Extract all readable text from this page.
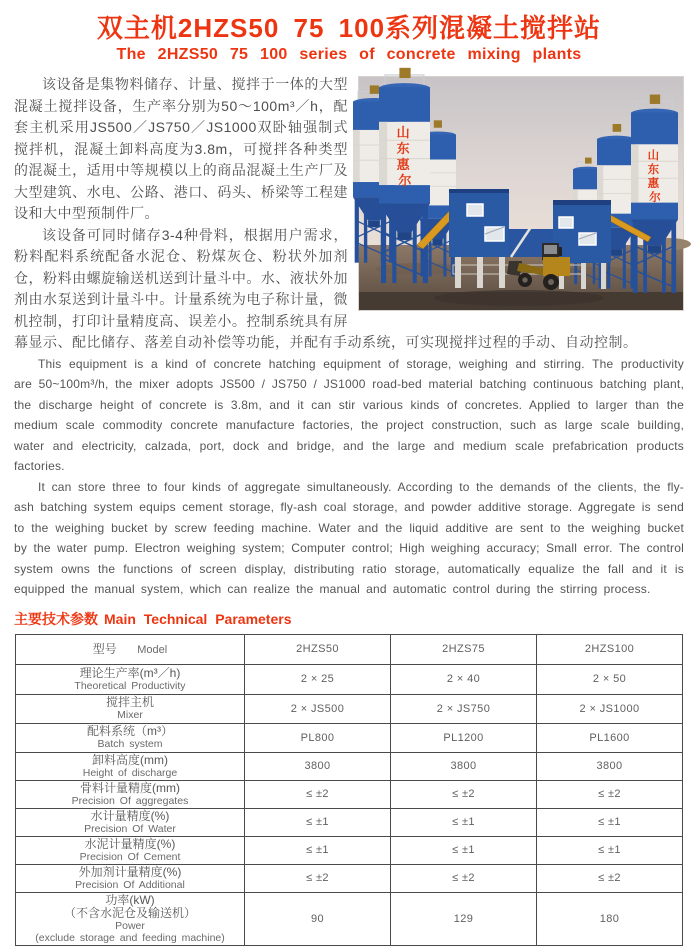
双主机2HZS50 75 100系列混凝土搅拌站
The 2HZS50 75 100 series of concrete mixing plants
山 东 惠 尔
山 东 惠 尔

该设备是集物料储存、计量、搅拌于一体的大型混凝土搅拌设备，生产率分别为50～100m³／h，配套主机采用JS500／JS750／JS1000双卧轴强制式搅拌机，混凝土卸料高度为3.8m，可搅拌各种类型的混凝土，适用中等规模以上的商品混凝土生产厂及大型建筑、水电、公路、港口、码头、桥梁等工程建设和大中型预制件厂。

该设备可同时储存3-4种骨料，根据用户需求，粉料配料系统配备水泥仓、粉煤灰仓、粉状外加剂仓，粉料由螺旋输送机送到计量斗中。水、液状外加剂由水泵送到计量斗中。计量系统为电子称计量，微机控制，打印计量精度高、误差小。控制系统具有屏幕显示、配比储存、落差自动补偿等功能，并配有手动系统，可实现搅拌过程的手动、自动控制。

This equipment is a kind of concrete hatching equipment of storage, weighing and stirring. The productivity are 50~100m³/h, the mixer adopts JS500 / JS750 / JS1000 road-bed material batching continuous batching plant, the discharge height of concrete is 3.8m, and it can stir various kinds of concretes. Applied to larger than the medium scale commodity concrete manufacture factories, the project construction, such as large scale building, water and electricity, calzada, port, dock and bridge, and the large and medium scale prefabrication products factories.

It can store three to four kinds of aggregate simultaneously. According to the demands of the clients, the fly-ash batching system equips cement storage, fly-ash coal storage, and powder additive storage. Aggregate is send to the weighing bucket by screw feeding machine. Water and the liquid additive are sent to the weighing bucket by the water pump. Electron weighing system; Computer control; High weighing accuracy; Small error. The control system owns the functions of screen display, distributing ratio storage, automatically equalize the fall and it is equipped the manual system, which can realize the manual and automatic control during the stirring process.

主要技术参数 Main Technical Parameters
型号 Model	2HZS50	2HZS75	2HZS100

理论生产率(m³／h)
Theoretical Productivity	2 × 25	2 × 40	2 × 50

搅拌主机
Mixer	2 × JS500	2 × JS750	2 × JS1000

配料系统（m³）
Batch system	PL800	PL1200	PL1600

卸料高度(mm)
Height of discharge	3800	3800	3800

骨料计量精度(mm)
Precision Of aggregates	≤ ±2	≤ ±2	≤ ±2

水计量精度(%)
Precision Of Water	≤ ±1	≤ ±1	≤ ±1

水泥计量精度(%)
Precision Of Cement	≤ ±1	≤ ±1	≤ ±1

外加剂计量精度(%)
Precision Of Additional	≤ ±2	≤ ±2	≤ ±2

功率(kW)
（不含水泥仓及输送机）
Power
(exclude storage and feeding machine)	90	129	180
